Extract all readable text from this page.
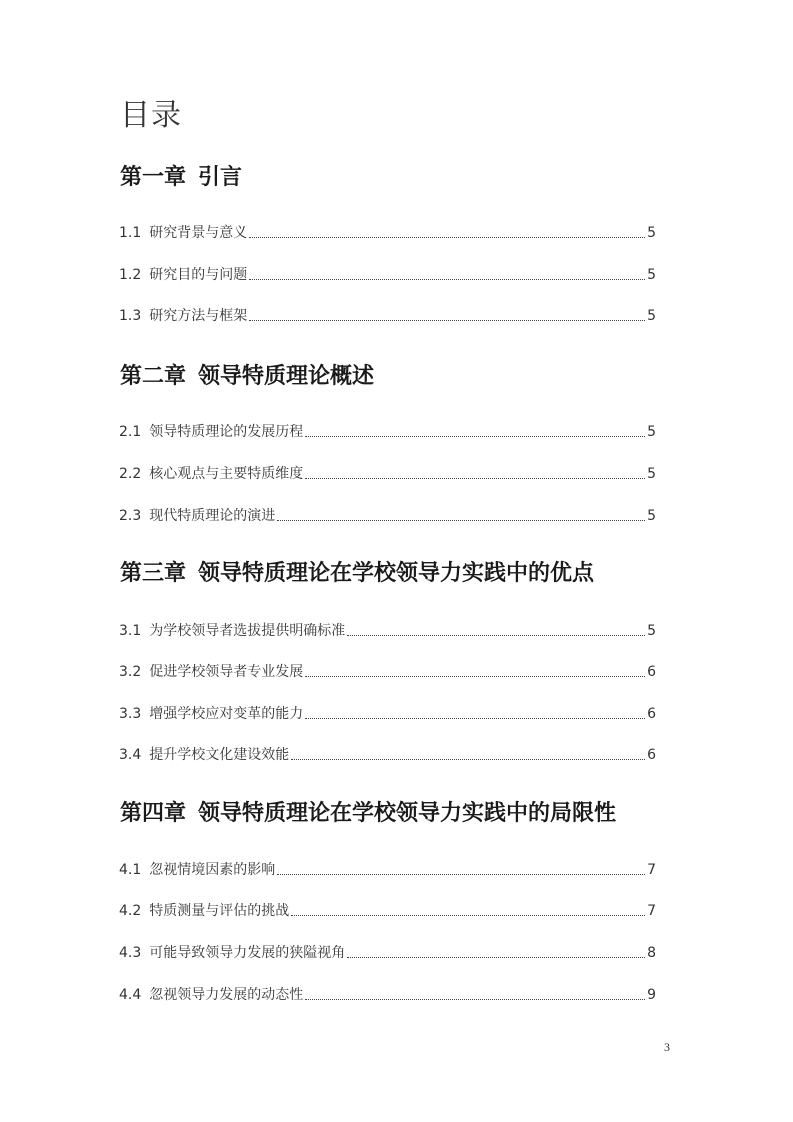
目录
第一章 引言
1.1 研究背景与意义	5
1.2 研究目的与问题	5
1.3 研究方法与框架	5
第二章 领导特质理论概述
2.1 领导特质理论的发展历程	5
2.2 核心观点与主要特质维度	5
2.3 现代特质理论的演进	5
第三章 领导特质理论在学校领导力实践中的优点
3.1 为学校领导者选拔提供明确标准	5
3.2 促进学校领导者专业发展	6
3.3 增强学校应对变革的能力	6
3.4 提升学校文化建设效能	6
第四章 领导特质理论在学校领导力实践中的局限性
4.1 忽视情境因素的影响	7
4.2 特质测量与评估的挑战	7
4.3 可能导致领导力发展的狭隘视角	8
4.4 忽视领导力发展的动态性	9
3
